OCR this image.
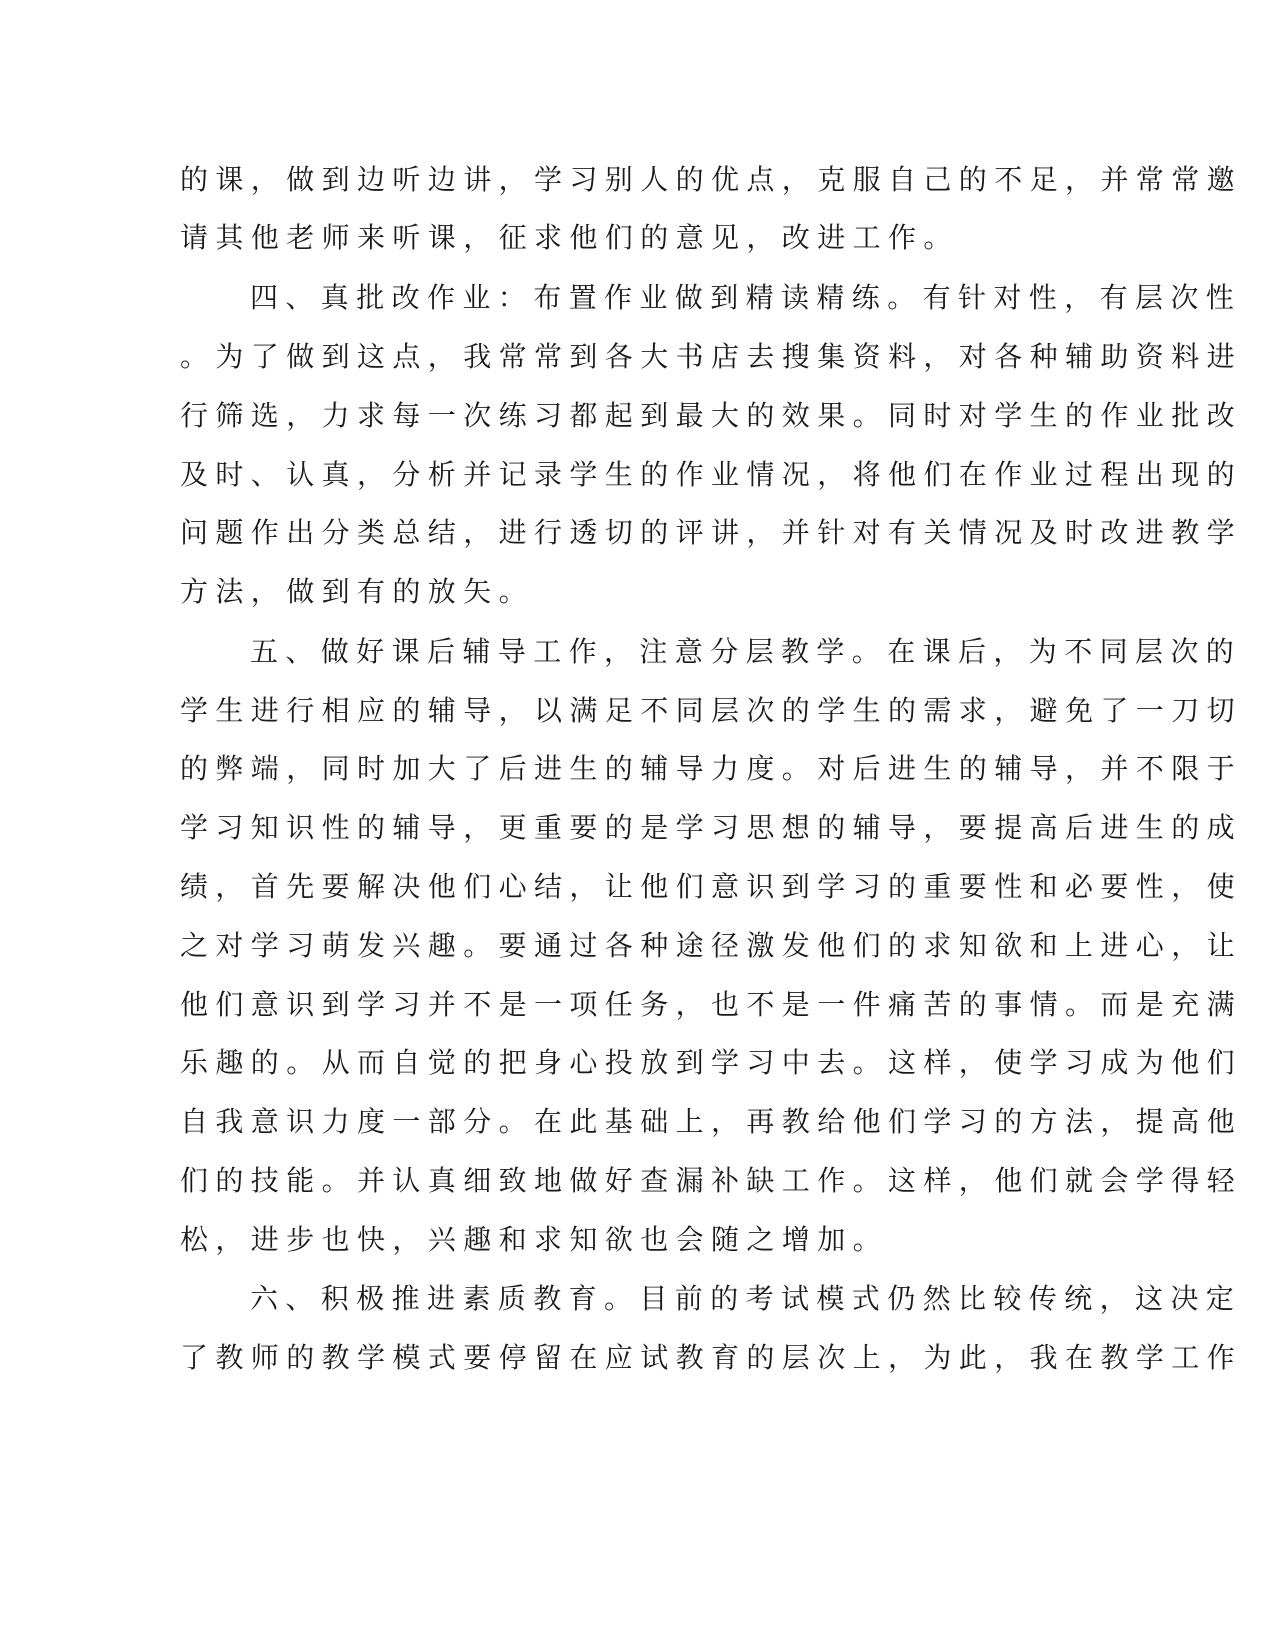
的课，做到边听边讲，学习别人的优点，克服自己的不足，并常常邀
请其他老师来听课，征求他们的意见，改进工作。
四、真批改作业：布置作业做到精读精练。有针对性，有层次性
。为了做到这点，我常常到各大书店去搜集资料，对各种辅助资料进
行筛选，力求每一次练习都起到最大的效果。同时对学生的作业批改
及时、认真，分析并记录学生的作业情况，将他们在作业过程出现的
问题作出分类总结，进行透切的评讲，并针对有关情况及时改进教学
方法，做到有的放矢。
五、做好课后辅导工作，注意分层教学。在课后，为不同层次的
学生进行相应的辅导，以满足不同层次的学生的需求，避免了一刀切
的弊端，同时加大了后进生的辅导力度。对后进生的辅导，并不限于
学习知识性的辅导，更重要的是学习思想的辅导，要提高后进生的成
绩，首先要解决他们心结，让他们意识到学习的重要性和必要性，使
之对学习萌发兴趣。要通过各种途径激发他们的求知欲和上进心，让
他们意识到学习并不是一项任务，也不是一件痛苦的事情。而是充满
乐趣的。从而自觉的把身心投放到学习中去。这样，使学习成为他们
自我意识力度一部分。在此基础上，再教给他们学习的方法，提高他
们的技能。并认真细致地做好查漏补缺工作。这样，他们就会学得轻
松，进步也快，兴趣和求知欲也会随之增加。
六、积极推进素质教育。目前的考试模式仍然比较传统，这决定
了教师的教学模式要停留在应试教育的层次上，为此，我在教学工作
